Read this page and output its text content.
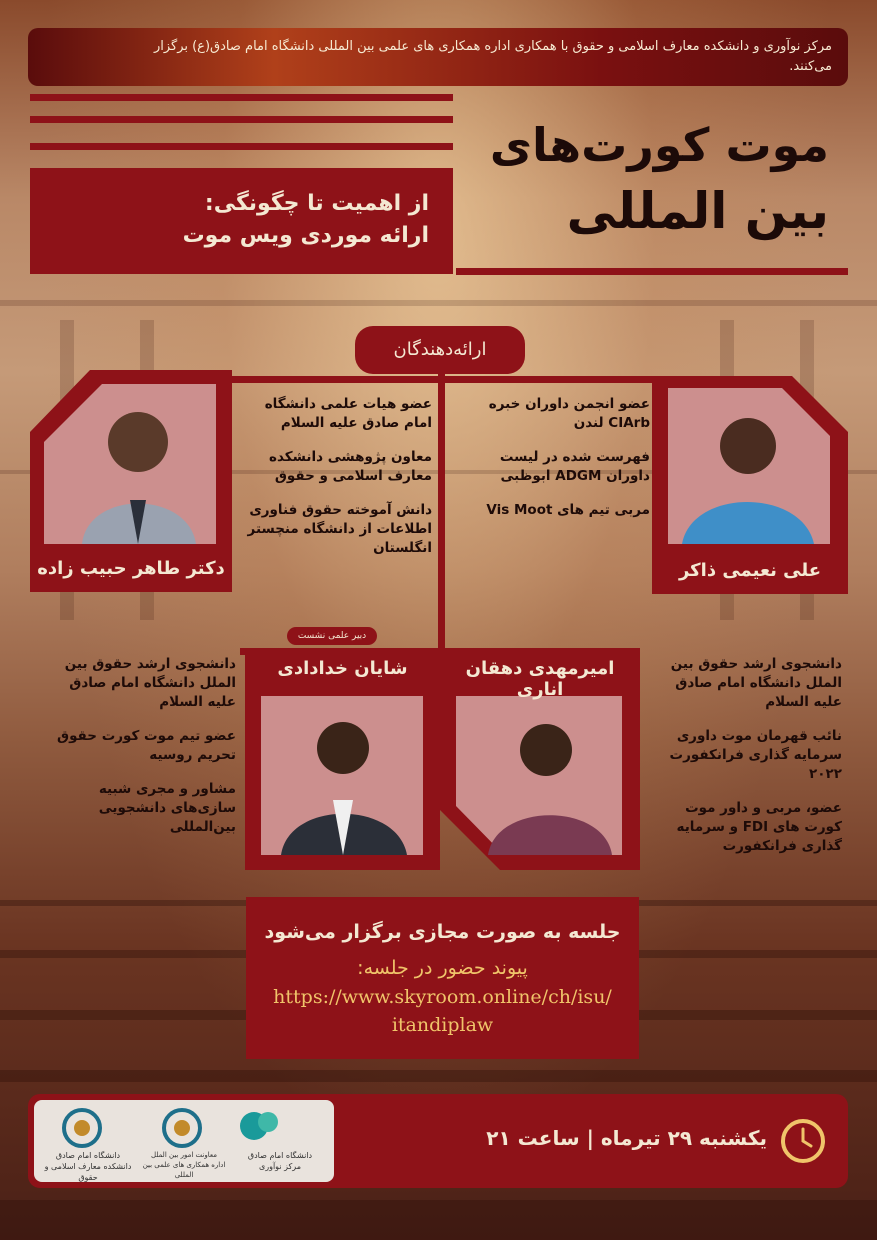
مرکز نوآوری و دانشکده معارف اسلامی و حقوق با همکاری اداره همکاری های علمی بین المللی دانشگاه امام صادق(ع) برگزار
می‌کنند.
موت کورت‌های
بین المللی
از اهمیت تا چگونگی:
ارائه موردی ویس موت
ارائه‌دهندگان
دکتر طاهر حبیب زاده	علی نعیمی ذاکر

عضو انجمن داوران خبره CIArb لندن

فهرست شده در لیست داوران ADGM ابوظبی

مربی تیم های Vis Moot

عضو هیات علمی دانشگاه امام صادق علیه السلام

معاون پژوهشی دانشکده معارف اسلامی و حقوق

دانش آموخته حقوق فناوری اطلاعات از دانشگاه منچستر انگلستان

دبیر علمی نشست
شایان خدادادی	امیرمهدی دهقان اناری

دانشجوی ارشد حقوق بین الملل دانشگاه امام صادق علیه السلام

عضو تیم موت کورت حقوق تحریم روسیه

مشاور و مجری شبیه سازی‌های دانشجویی بین‌المللی

دانشجوی ارشد حقوق بین الملل دانشگاه امام صادق علیه السلام

نائب قهرمان موت داوری سرمایه گذاری فرانکفورت ۲۰۲۲

عضو، مربی و داور موت کورت های FDI و سرمایه گذاری فرانکفورت

جلسه به صورت مجازی برگزار می‌شود
پیوند حضور در جلسه:
https://www.skyroom.online/ch/isu/
itandiplaw
دانشگاه امام صادق
دانشکده معارف اسلامی و حقوق
معاونت امور بین الملل
اداره همکاری های علمی بین المللی
دانشگاه امام صادق
مرکز نوآوری
یکشنبه ۲۹ تیرماه | ساعت ۲۱
